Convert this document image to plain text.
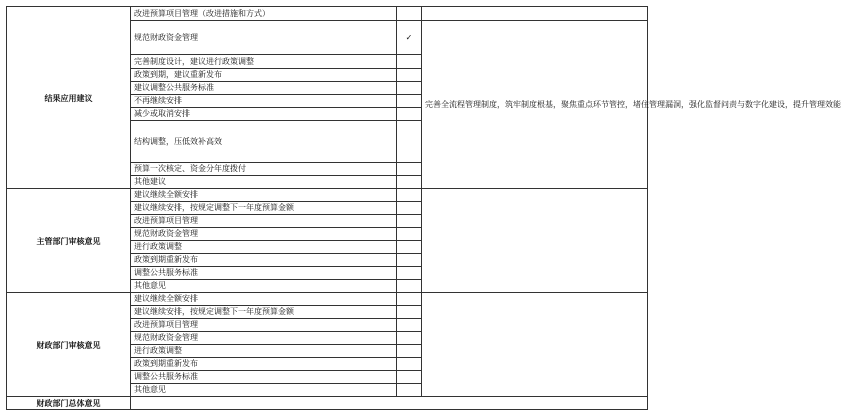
结果应用建议	改进预算项目管理（改进措施和方式）		
	规范财政资金管理	✓	完善全流程管理制度，筑牢制度根基，聚焦重点环节管控，堵住管理漏洞，强化监督问责与数字化建设，提升管理效能
	完善制度设计，建议进行政策调整		
	政策到期，建议重新发布		
	建议调整公共服务标准		
	不再继续安排		
	减少或取消安排		
	结构调整，压低效补高效		
	预算一次核定、资金分年度拨付		
	其他建议		
主管部门审核意见	建议继续全额安排		
	建议继续安排，按规定调整下一年度预算金额		
	改进预算项目管理		
	规范财政资金管理		
	进行政策调整		
	政策到期重新发布		
	调整公共服务标准		
	其他意见		
财政部门审核意见	建议继续全额安排		
	建议继续安排，按规定调整下一年度预算金额		
	改进预算项目管理		
	规范财政资金管理		
	进行政策调整		
	政策到期重新发布		
	调整公共服务标准		
	其他意见		
财政部门总体意见			
